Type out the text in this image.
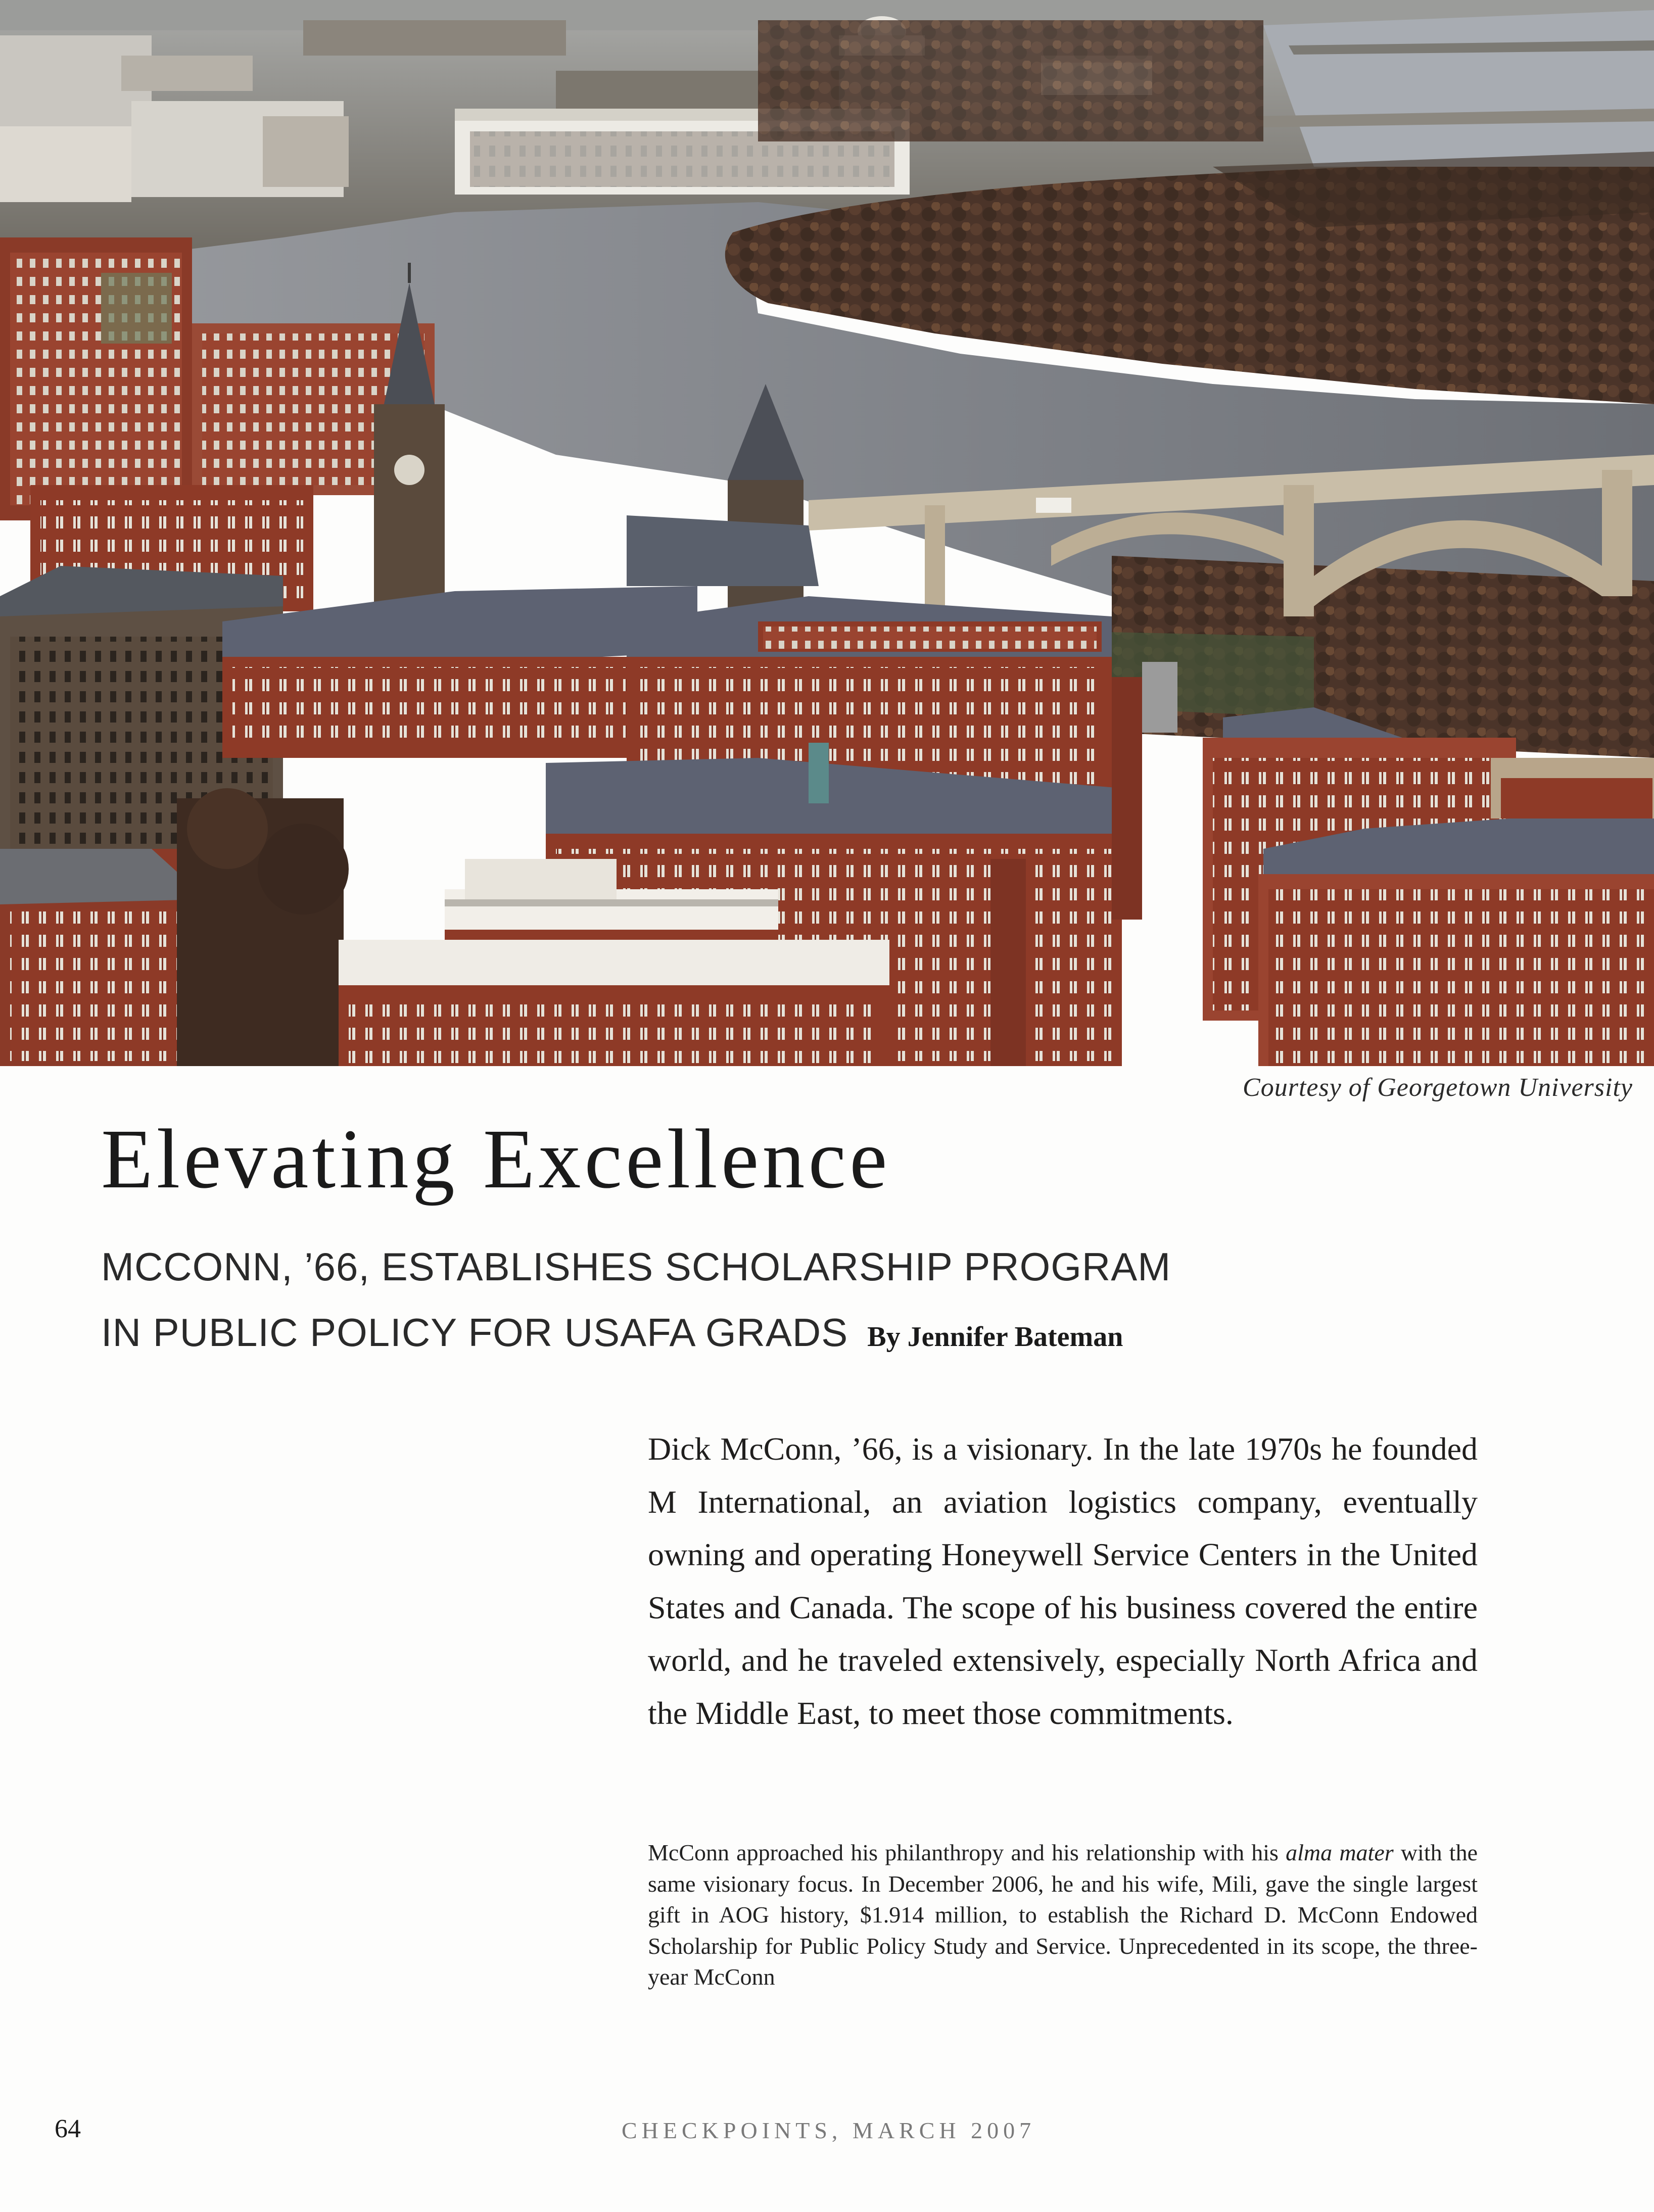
Courtesy of Georgetown University
Elevating Excellence

MCCONN, ’66, ESTABLISHES SCHOLARSHIP PROGRAM

IN PUBLIC POLICY FOR USAFA GRADS By Jennifer Bateman

Dick McConn, ’66, is a visionary. In the late 1970s he founded M International, an aviation logistics company, eventually owning and operating Honeywell Service Centers in the United States and Canada. The scope of his business covered the entire world, and he traveled extensively, especially North Africa and the Middle East, to meet those commitments.

McConn approached his philanthropy and his relationship with his alma mater with the same visionary focus. In December 2006, he and his wife, Mili, gave the single largest gift in AOG history, $1.914 million, to establish the Richard D. McConn Endowed Scholarship for Public Policy Study and Service. Unprecedented in its scope, the three-year McConn

64	CHECKPOINTS, MARCH 2007
